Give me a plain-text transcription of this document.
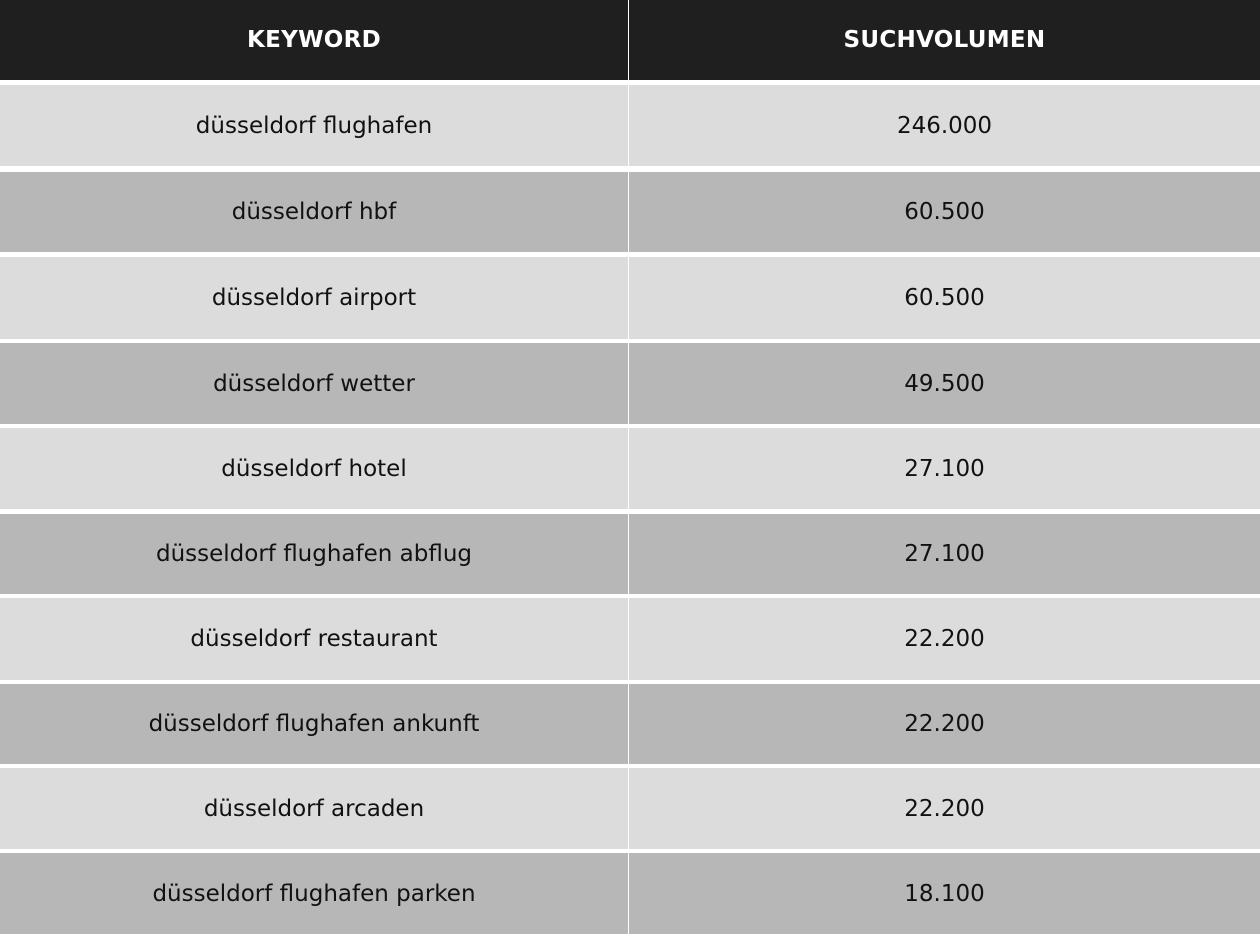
KEYWORD	SUCHVOLUMEN
düsseldorf flughafen	246.000
düsseldorf hbf	60.500
düsseldorf airport	60.500
düsseldorf wetter	49.500
düsseldorf hotel	27.100
düsseldorf flughafen abflug	27.100
düsseldorf restaurant	22.200
düsseldorf flughafen ankunft	22.200
düsseldorf arcaden	22.200
düsseldorf flughafen parken	18.100
